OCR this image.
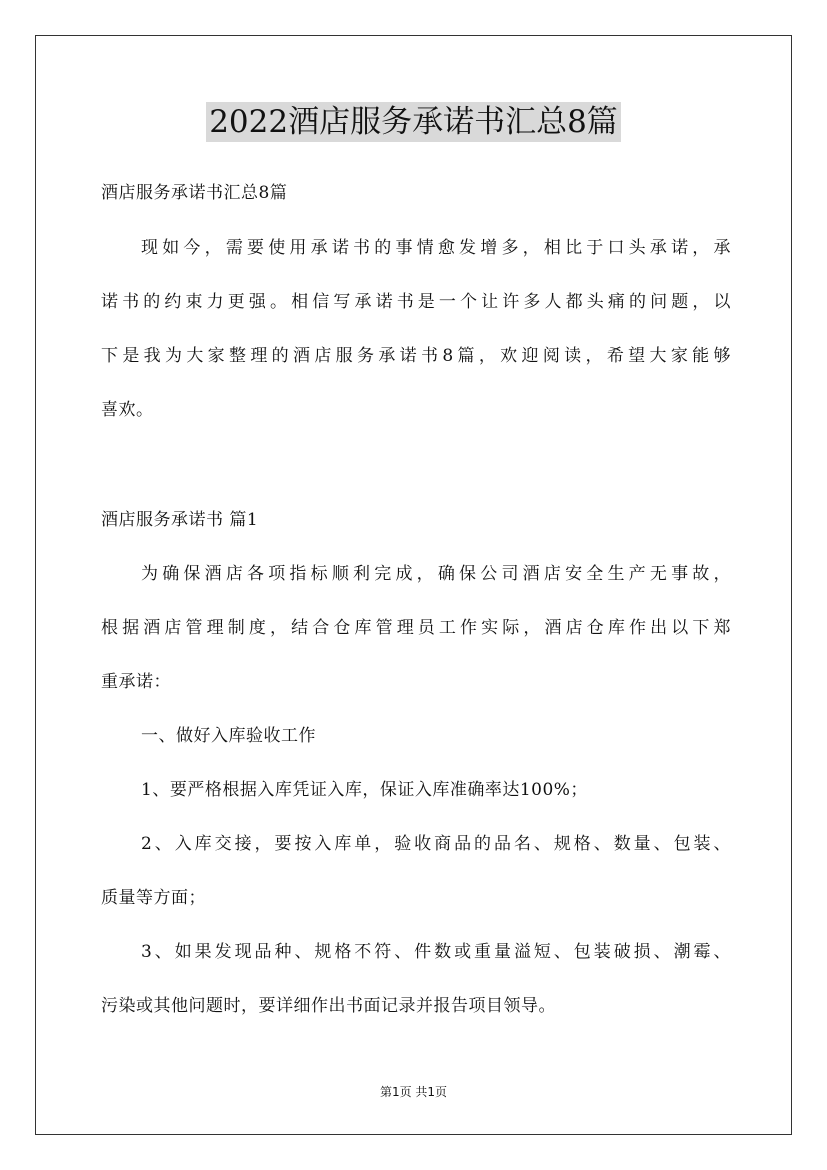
2022酒店服务承诺书汇总8篇
酒店服务承诺书汇总8篇
现如今，需要使用承诺书的事情愈发增多，相比于口头承诺，承
诺书的约束力更强。相信写承诺书是一个让许多人都头痛的问题，以
下是我为大家整理的酒店服务承诺书8篇，欢迎阅读，希望大家能够
喜欢。
酒店服务承诺书 篇1
为确保酒店各项指标顺利完成，确保公司酒店安全生产无事故，
根据酒店管理制度，结合仓库管理员工作实际，酒店仓库作出以下郑
重承诺：
一、做好入库验收工作
1、要严格根据入库凭证入库，保证入库准确率达100%；
2、入库交接，要按入库单，验收商品的品名、规格、数量、包装、
质量等方面；
3、如果发现品种、规格不符、件数或重量溢短、包装破损、潮霉、
污染或其他问题时，要详细作出书面记录并报告项目领导。
第1页 共1页
